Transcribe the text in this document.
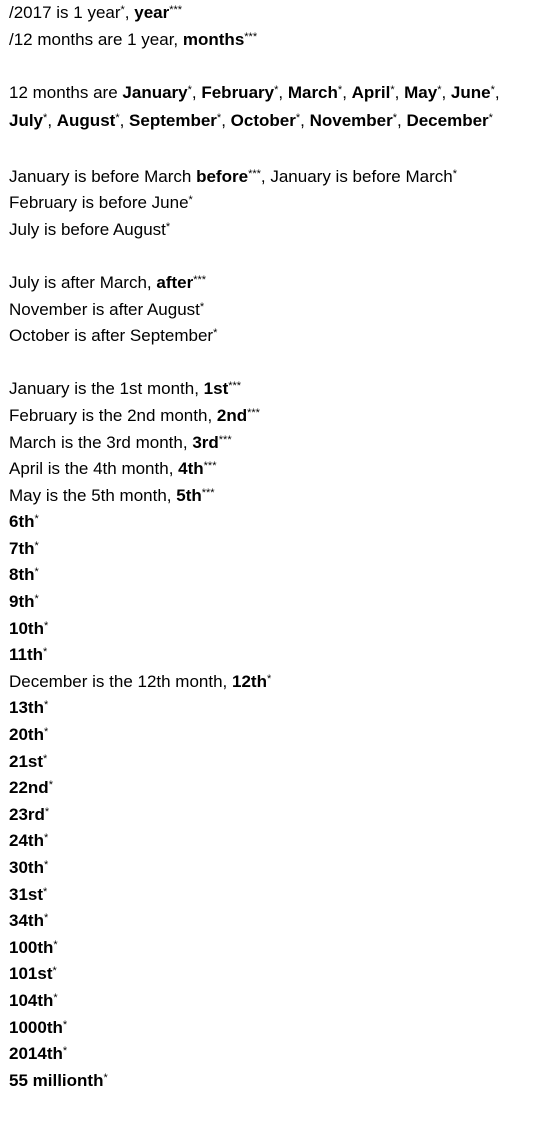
/2017 is 1 year*, year***
/12 months are 1 year, months***
12 months are January*, February*, March*, April*, May*, June*, July*, August*, September*, October*, November*, December*
January is before March before***, January is before March*
February is before June*
July is before August*
July is after March, after***
November is after August*
October is after September*
January is the 1st month, 1st***
February is the 2nd month, 2nd***
March is the 3rd month, 3rd***
April is the 4th month, 4th***
May is the 5th month, 5th***
6th*
7th*
8th*
9th*
10th*
11th*
December is the 12th month, 12th*
13th*
20th*
21st*
22nd*
23rd*
24th*
30th*
31st*
34th*
100th*
101st*
104th*
1000th*
2014th*
55 millionth*
